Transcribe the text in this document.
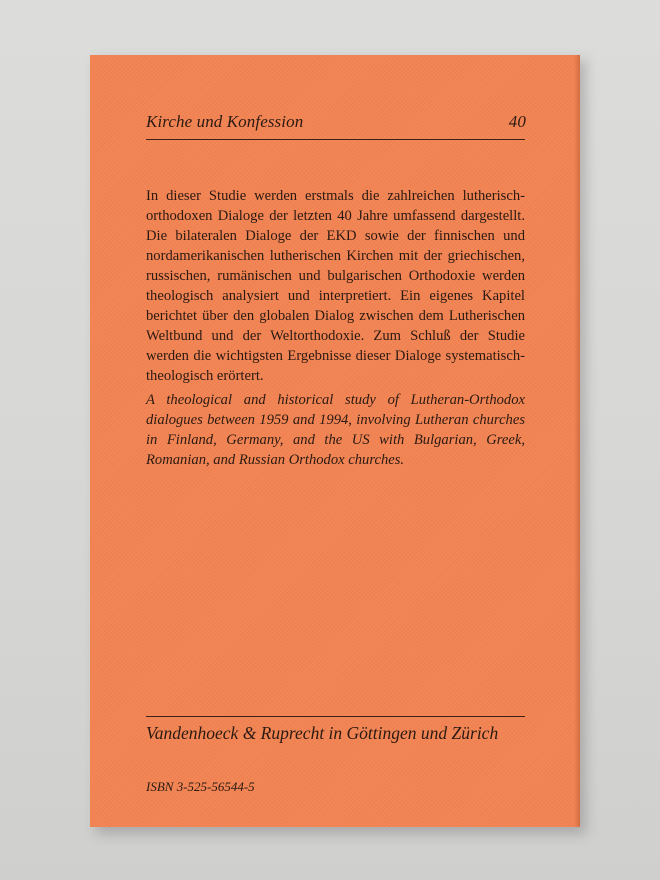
Kirche und Konfession	40

In dieser Studie werden erstmals die zahlreichen lutherisch-orthodoxen Dialoge der letzten 40 Jahre umfassend dargestellt. Die bilateralen Dialoge der EKD sowie der finnischen und nordamerikanischen lutherischen Kirchen mit der griechischen, russischen, rumänischen und bulgarischen Orthodoxie werden theologisch analysiert und interpretiert. Ein eigenes Kapitel berichtet über den globalen Dialog zwischen dem Lutherischen Weltbund und der Weltorthodoxie. Zum Schluß der Studie werden die wichtigsten Ergebnisse dieser Dialoge systematisch-theologisch erörtert.

A theological and historical study of Lutheran-Orthodox dialogues between 1959 and 1994, involving Lutheran churches in Finland, Germany, and the US with Bulgarian, Greek, Romanian, and Russian Orthodox churches.

Vandenhoeck & Ruprecht in Göttingen und Zürich
ISBN 3-525-56544-5
